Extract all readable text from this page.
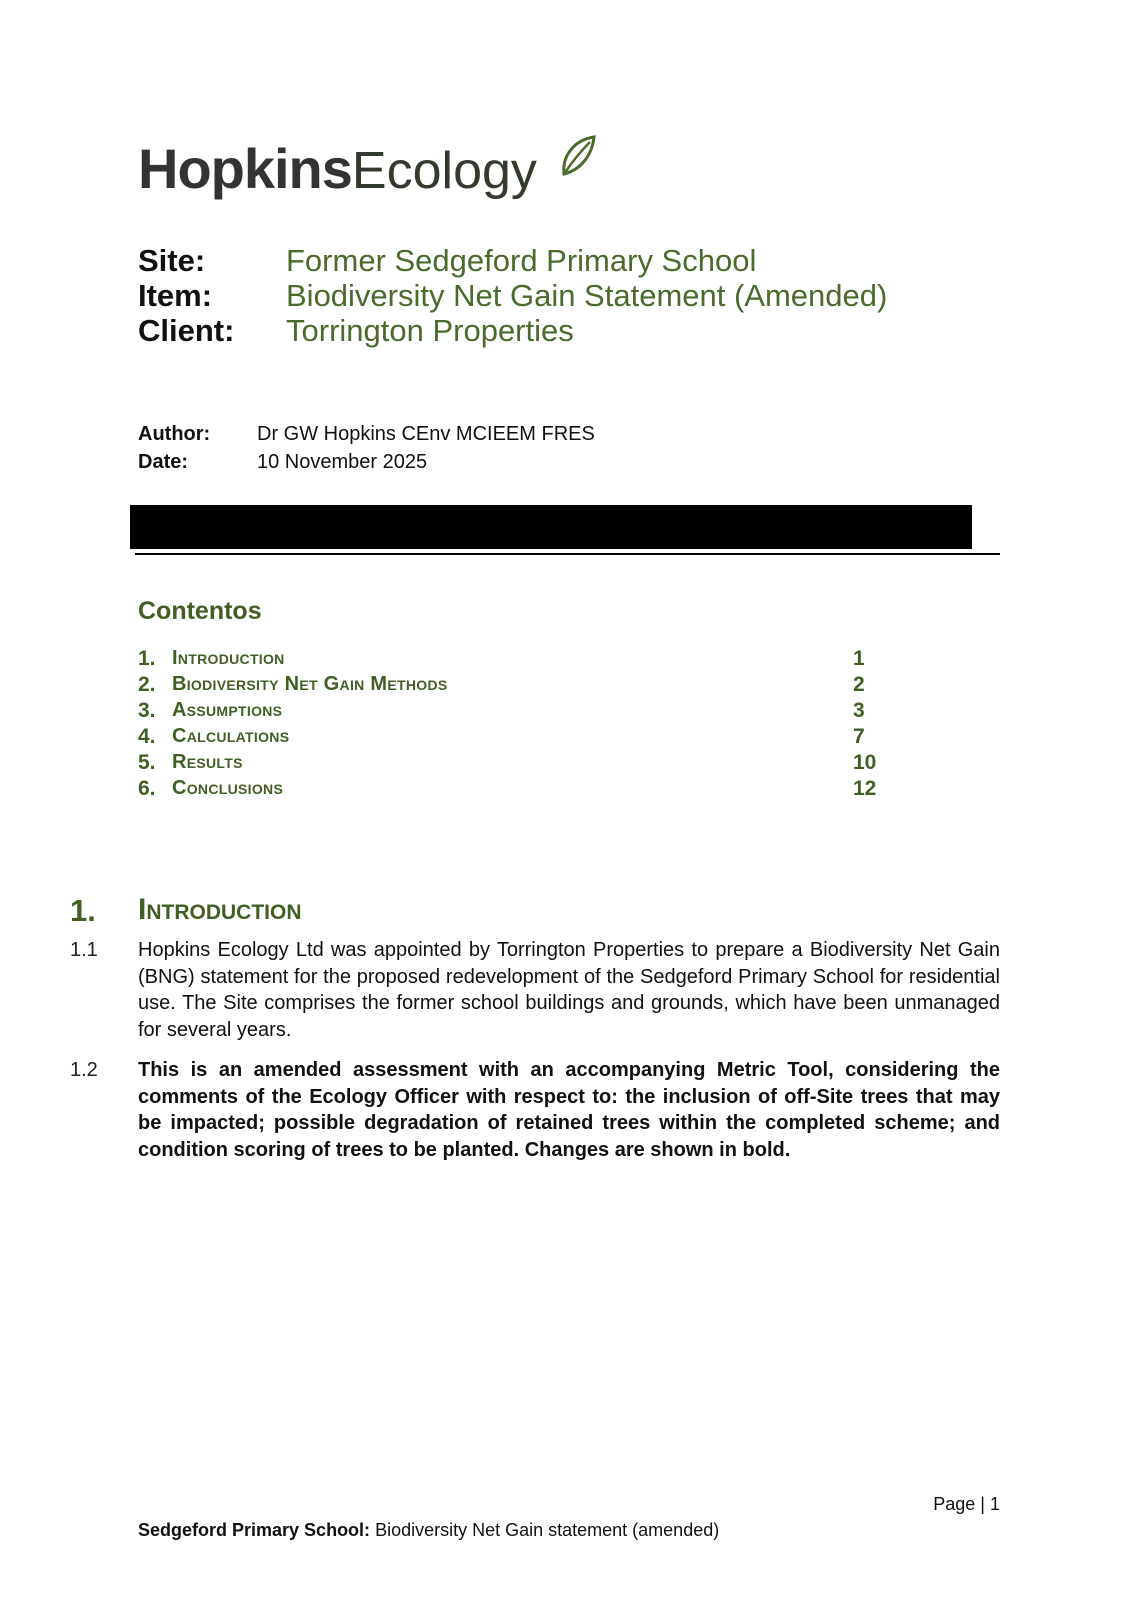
HopkinsEcology
Site:	Former Sedgeford Primary School
Item: Biodiversity Net Gain Statement (Amended)
Client: Torrington Properties
Author: Dr GW Hopkins CEnv MCIEEM FRES
Date:	10 November 2025
Contentos
1. Introduction	1
2. Biodiversity Net Gain Methods	2
3. Assumptions	3
4. Calculations	7
5. Results	10
6. Conclusions	12
1. Introduction
1.1 Hopkins Ecology Ltd was appointed by Torrington Properties to prepare a Biodiversity Net Gain (BNG) statement for the proposed redevelopment of the Sedgeford Primary School for residential use. The Site comprises the former school buildings and grounds, which have been unmanaged for several years.
1.2 This is an amended assessment with an accompanying Metric Tool, considering the comments of the Ecology Officer with respect to: the inclusion of off-Site trees that may be impacted; possible degradation of retained trees within the completed scheme; and condition scoring of trees to be planted. Changes are shown in bold.
Page | 1
Sedgeford Primary School: Biodiversity Net Gain statement (amended)
